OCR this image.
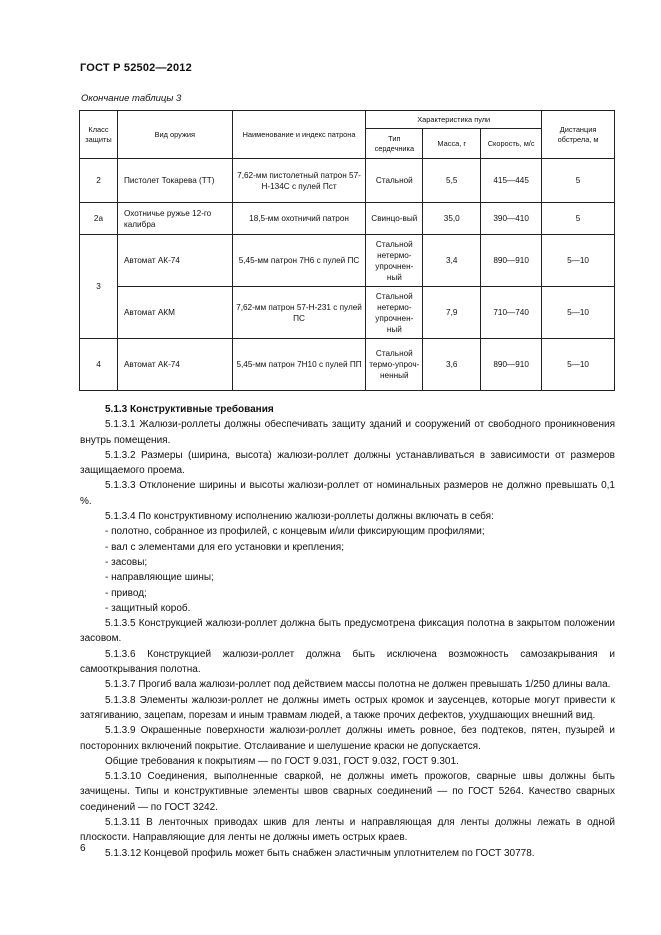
ГОСТ Р 52502—2012
Окончание таблицы 3
Класс защиты	Вид оружия	Наименование и индекс патрона	Характеристика пули			Дистанция обстрела, м
			Тип сердечника	Масса, г	Скорость, м/с	
2	Пистолет Токарева (ТТ)	7,62-мм пистолетный патрон 57-Н-134С с пулей Пст	Стальной	5,5	415—445	5
2а	Охотничье ружье 12-го калибра	18,5-мм охотничий патрон	Свинцо-вый	35,0	390—410	5
3	Автомат АК-74	5,45-мм патрон 7Н6 с пулей ПС	Стальной нетермо-упрочнен-ный	3,4	890—910	5—10
	Автомат АКМ	7,62-мм патрон 57-Н-231 с пулей ПС	Стальной нетермо-упрочнен-ный	7,9	710—740	5—10
4	Автомат АК-74	5,45-мм патрон 7Н10 с пулей ПП	Стальной термо-упроч-ненный	3,6	890—910	5—10

5.1.3 Конструктивные требования

5.1.3.1 Жалюзи-роллеты должны обеспечивать защиту зданий и сооружений от свободного проникновения внутрь помещения.

5.1.3.2 Размеры (ширина, высота) жалюзи-роллет должны устанавливаться в зависимости от размеров защищаемого проема.

5.1.3.3 Отклонение ширины и высоты жалюзи-роллет от номинальных размеров не должно превышать 0,1 %.

5.1.3.4 По конструктивному исполнению жалюзи-роллеты должны включать в себя:

- полотно, собранное из профилей, с концевым и/или фиксирующим профилями;

- вал с элементами для его установки и крепления;

- засовы;

- направляющие шины;

- привод;

- защитный короб.

5.1.3.5 Конструкцией жалюзи-роллет должна быть предусмотрена фиксация полотна в закрытом положении засовом.

5.1.3.6 Конструкцией жалюзи-роллет должна быть исключена возможность самозакрывания и самооткрывания полотна.

5.1.3.7 Прогиб вала жалюзи-роллет под действием массы полотна не должен превышать 1/250 длины вала.

5.1.3.8 Элементы жалюзи-роллет не должны иметь острых кромок и заусенцев, которые могут привести к затягиванию, зацепам, порезам и иным травмам людей, а также прочих дефектов, ухудшающих внешний вид.

5.1.3.9 Окрашенные поверхности жалюзи-роллет должны иметь ровное, без подтеков, пятен, пузырей и посторонних включений покрытие. Отслаивание и шелушение краски не допускается.

Общие требования к покрытиям — по ГОСТ 9.031, ГОСТ 9.032, ГОСТ 9.301.

5.1.3.10 Соединения, выполненные сваркой, не должны иметь прожогов, сварные швы должны быть зачищены. Типы и конструктивные элементы швов сварных соединений — по ГОСТ 5264. Качество сварных соединений — по ГОСТ 3242.

5.1.3.11 В ленточных приводах шкив для ленты и направляющая для ленты должны лежать в одной плоскости. Направляющие для ленты не должны иметь острых краев.

5.1.3.12 Концевой профиль может быть снабжен эластичным уплотнителем по ГОСТ 30778.

6
